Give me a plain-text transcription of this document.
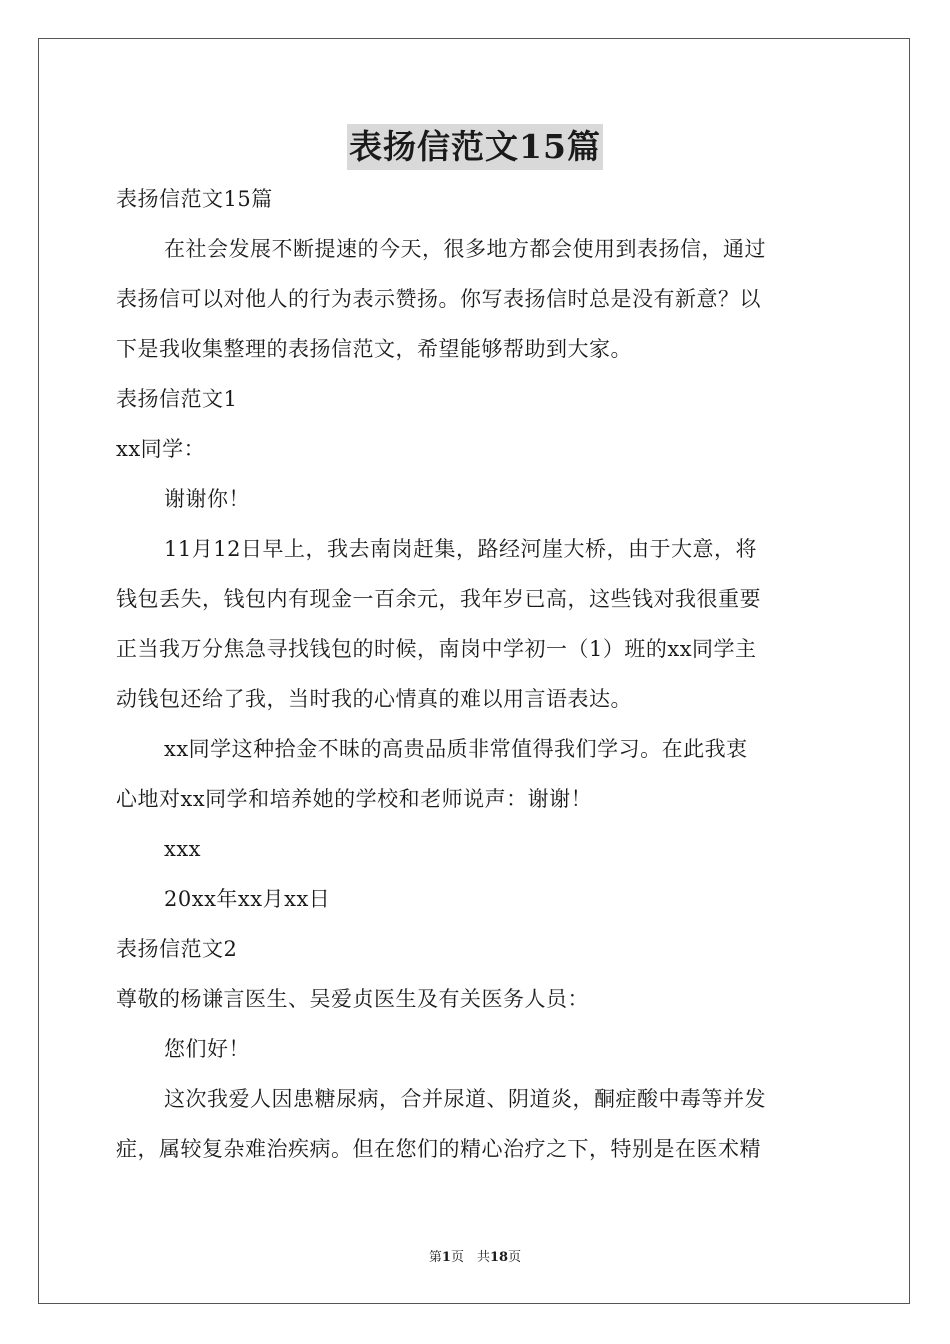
表扬信范文15篇
表扬信范文15篇
在社会发展不断提速的今天，很多地方都会使用到表扬信，通过
表扬信可以对他人的行为表示赞扬。你写表扬信时总是没有新意？以
下是我收集整理的表扬信范文，希望能够帮助到大家。
表扬信范文1
xx同学：
谢谢你！
11月12日早上，我去南岗赶集，路经河崖大桥，由于大意，将
钱包丢失，钱包内有现金一百余元，我年岁已高，这些钱对我很重要
正当我万分焦急寻找钱包的时候，南岗中学初一（1）班的xx同学主
动钱包还给了我，当时我的心情真的难以用言语表达。
xx同学这种拾金不昧的高贵品质非常值得我们学习。在此我衷
心地对xx同学和培养她的学校和老师说声：谢谢！
xxx
20xx年xx月xx日
表扬信范文2
尊敬的杨谦言医生、吴爱贞医生及有关医务人员：
您们好！
这次我爱人因患糖尿病，合并尿道、阴道炎，酮症酸中毒等并发
症，属较复杂难治疾病。但在您们的精心治疗之下，特别是在医术精
第1页　共18页
